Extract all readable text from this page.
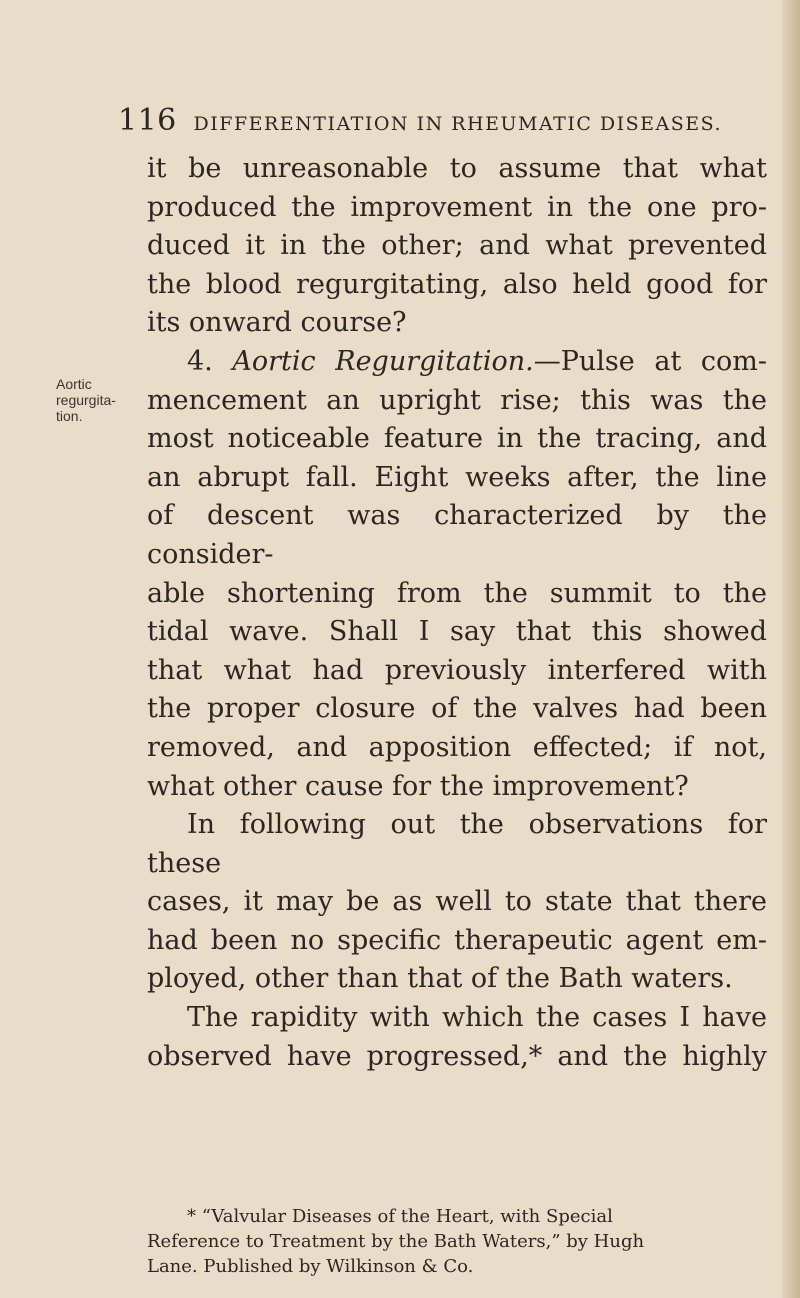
116 DIFFERENTIATION IN RHEUMATIC DISEASES.
Aortic
regurgita-
tion.

it be unreasonable to assume that what

produced the improvement in the one pro-

duced it in the other; and what prevented

the blood regurgitating, also held good for

its onward course?

4. Aortic Regurgitation.—Pulse at com-

mencement an upright rise; this was the

most noticeable feature in the tracing, and

an abrupt fall. Eight weeks after, the line

of descent was characterized by the consider-

able shortening from the summit to the

tidal wave. Shall I say that this showed

that what had previously interfered with

the proper closure of the valves had been

removed, and apposition effected; if not,

what other cause for the improvement?

In following out the observations for these

cases, it may be as well to state that there

had been no specific therapeutic agent em-

ployed, other than that of the Bath waters.

The rapidity with which the cases I have

observed have progressed,* and the highly

* “Valvular Diseases of the Heart, with Special

Reference to Treatment by the Bath Waters,” by Hugh

Lane. Published by Wilkinson & Co.
